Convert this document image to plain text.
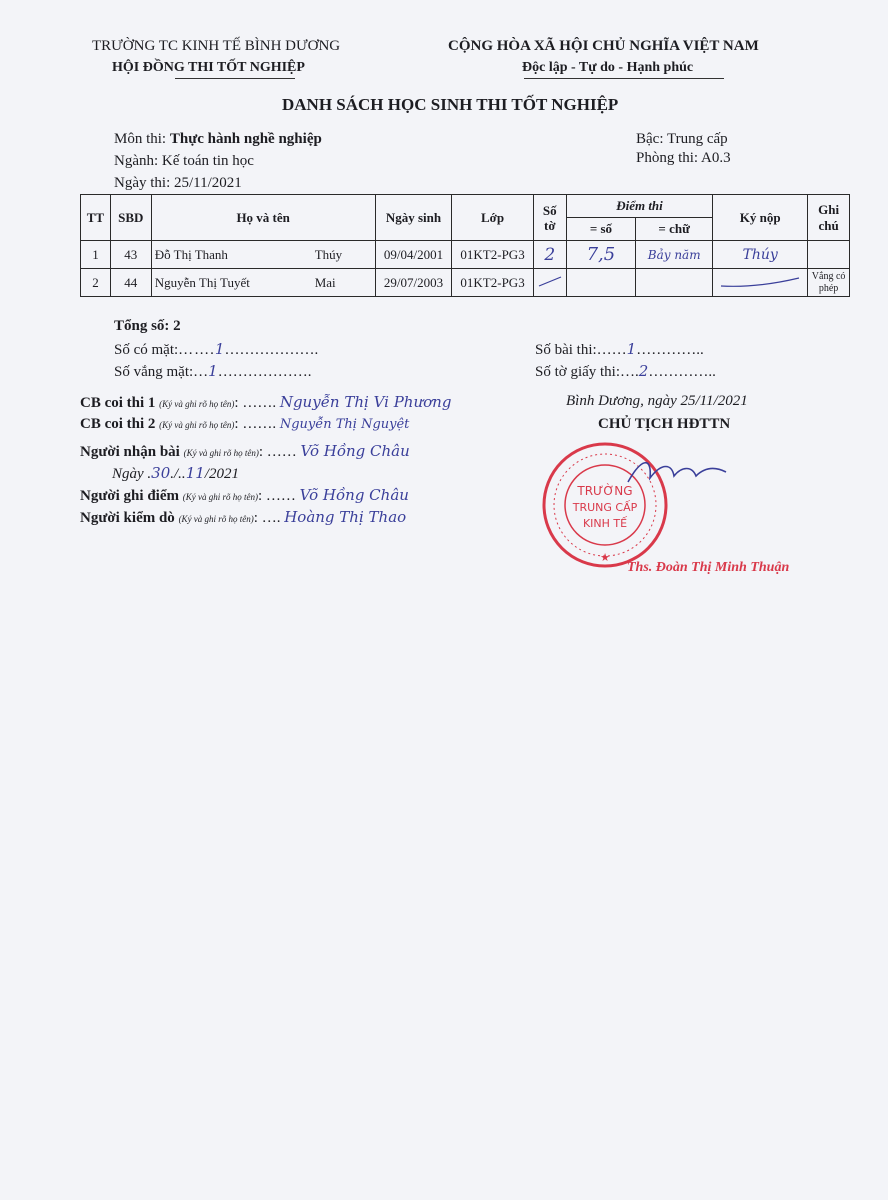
TRƯỜNG TC KINH TẾ BÌNH DƯƠNG
HỘI ĐỒNG THI TỐT NGHIỆP
CỘNG HÒA XÃ HỘI CHỦ NGHĨA VIỆT NAM
Độc lập - Tự do - Hạnh phúc
DANH SÁCH HỌC SINH THI TỐT NGHIỆP
Môn thi: Thực hành nghề nghiệp
Ngành: Kế toán tin học
Ngày thi: 25/11/2021
Bậc: Trung cấp
Phòng thi: A0.3
TT	SBD	Họ và tên	Ngày sinh	Lớp	Số
tờ	Điểm thi		Ký nộp	Ghi chú
						= số	= chữ		
1	43	Đỗ Thị Thanh Thúy	09/04/2001	01KT2-PG3	2	7,5	Bảy năm	Thúy	
2	44	Nguyễn Thị Tuyết Mai	29/07/2003	01KT2-PG3					Vắng có phép
Tổng số: 2
Số có mặt:…….1……………….
Số vắng mặt:…1……………….
Số bài thi:……1…………..
Số tờ giấy thi:….2…………..
CB coi thi 1 (Ký và ghi rõ họ tên): ……. Nguyễn Thị Vi Phương
CB coi thi 2 (Ký và ghi rõ họ tên): ……. Nguyễn Thị Nguyệt
Người nhận bài (Ký và ghi rõ họ tên): …… Võ Hồng Châu
Ngày .30./..11/2021
Người ghi điểm (Ký và ghi rõ họ tên): …… Võ Hồng Châu
Người kiểm dò (Ký và ghi rõ họ tên): …. Hoàng Thị Thao
Bình Dương, ngày 25/11/2021
CHỦ TỊCH HĐTTN
TRƯỜNG
TRUNG CẤP
KINH TẾ
★
Ths. Đoàn Thị Minh Thuận
